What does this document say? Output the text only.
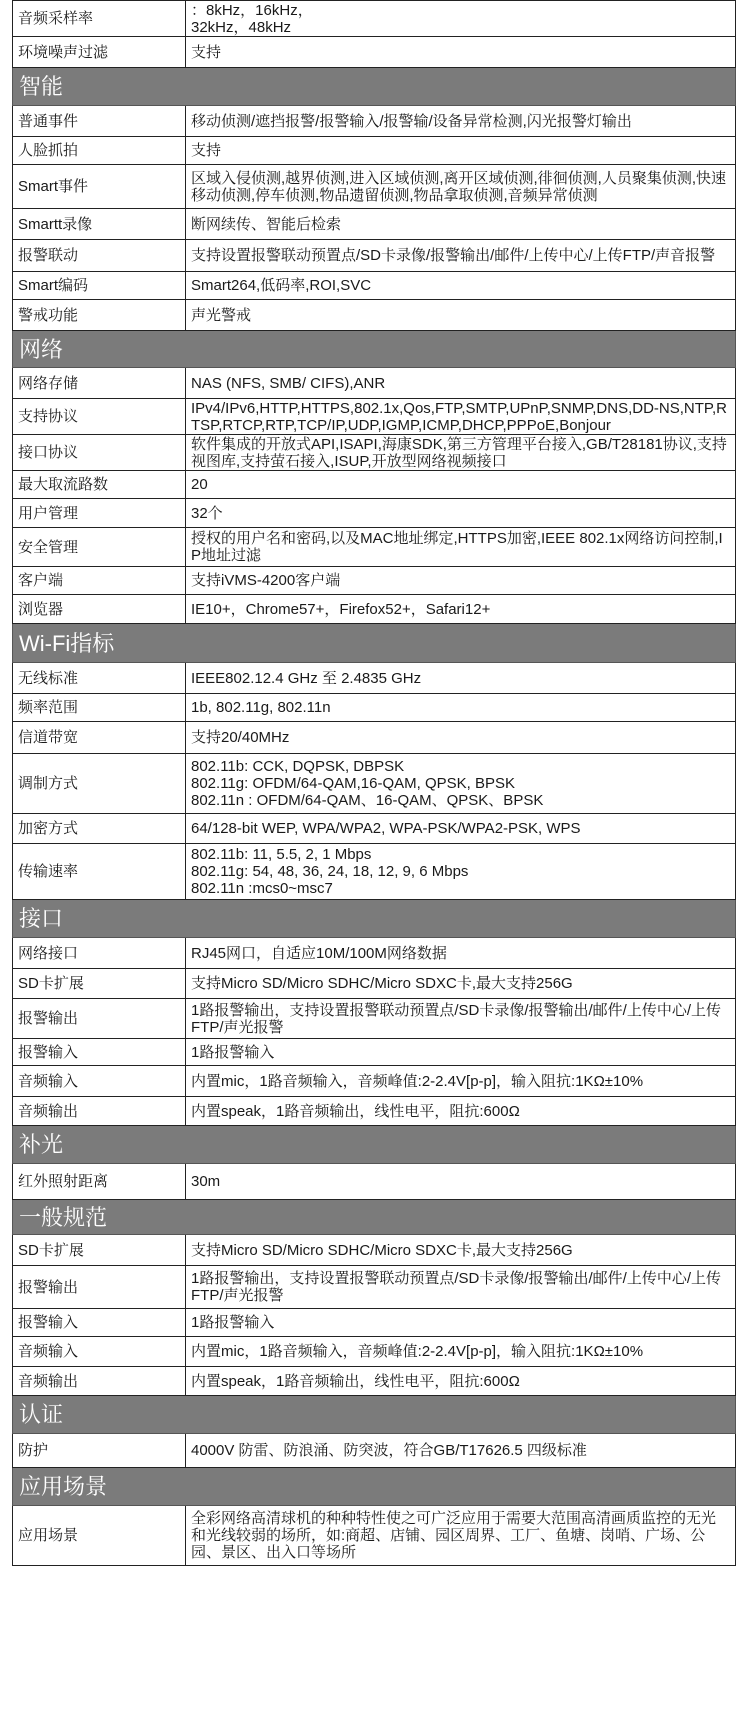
音频采样率	：8kHz，16kHz，
32kHz，48kHz
环境噪声过滤	支持
智能	
普通事件	移动侦测/遮挡报警/报警输入/报警输/设备异常检测,闪光报警灯输出
人脸抓拍	支持
Smart事件	区域入侵侦测,越界侦测,进入区域侦测,离开区域侦测,徘徊侦测,人员聚集侦测,快速移动侦测,停车侦测,物品遗留侦测,物品拿取侦测,音频异常侦测
Smartt录像	断网续传、智能后检索
报警联动	支持设置报警联动预置点/SD卡录像/报警输出/邮件/上传中心/上传FTP/声音报警
Smart编码	Smart264,低码率,ROI,SVC
警戒功能	声光警戒
网络	
网络存储	NAS (NFS, SMB/ CIFS),ANR
支持协议	IPv4/IPv6,HTTP,HTTPS,802.1x,Qos,FTP,SMTP,UPnP,SNMP,DNS,DD-NS,NTP,RTSP,RTCP,RTP,TCP/IP,UDP,IGMP,ICMP,DHCP,PPPoE,Bonjour
接口协议	软件集成的开放式API,ISAPI,海康SDK,第三方管理平台接入,GB/T28181协议,支持视图库,支持萤石接入,ISUP,开放型网络视频接口
最大取流路数	20
用户管理	32个
安全管理	授权的用户名和密码,以及MAC地址绑定,HTTPS加密,IEEE 802.1x网络访问控制,IP地址过滤
客户端	支持iVMS-4200客户端
浏览器	IE10+，Chrome57+，Firefox52+，Safari12+
Wi-Fi指标	
无线标准	IEEE802.12.4 GHz 至 2.4835 GHz
频率范围	1b, 802.11g, 802.11n
信道带宽	支持20/40MHz
调制方式	802.11b: CCK, DQPSK, DBPSK
802.11g: OFDM/64-QAM,16-QAM, QPSK, BPSK
802.11n : OFDM/64-QAM、16-QAM、QPSK、BPSK
加密方式	64/128-bit WEP, WPA/WPA2, WPA-PSK/WPA2-PSK, WPS
传输速率	802.11b: 11, 5.5, 2, 1 Mbps
802.11g: 54, 48, 36, 24, 18, 12, 9, 6 Mbps
802.11n :mcs0~msc7
接口	
网络接口	RJ45网口，自适应10M/100M网络数据
SD卡扩展	支持Micro SD/Micro SDHC/Micro SDXC卡,最大支持256G
报警输出	1路报警输出，支持设置报警联动预置点/SD卡录像/报警输出/邮件/上传中心/上传FTP/声光报警
报警输入	1路报警输入
音频输入	内置mic，1路音频输入，音频峰值:2-2.4V[p-p]，输入阻抗:1KΩ±10%
音频输出	内置speak，1路音频输出，线性电平，阻抗:600Ω
补光	
红外照射距离	30m
一般规范	
SD卡扩展	支持Micro SD/Micro SDHC/Micro SDXC卡,最大支持256G
报警输出	1路报警输出，支持设置报警联动预置点/SD卡录像/报警输出/邮件/上传中心/上传FTP/声光报警
报警输入	1路报警输入
音频输入	内置mic，1路音频输入，音频峰值:2-2.4V[p-p]，输入阻抗:1KΩ±10%
音频输出	内置speak，1路音频输出，线性电平，阻抗:600Ω
认证	
防护	4000V 防雷、防浪涌、防突波，符合GB/T17626.5 四级标准
应用场景	
应用场景	全彩网络高清球机的种种特性使之可广泛应用于需要大范围高清画质监控的无光和光线较弱的场所，如:商超、店铺、园区周界、工厂、鱼塘、岗哨、广场、公园、景区、出入口等场所
